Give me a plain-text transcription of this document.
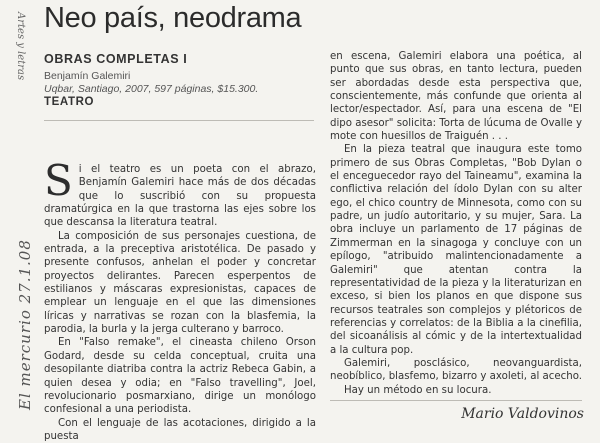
El mercurio 27.1.08
Artes y letras Neo país, neodrama
OBRAS COMPLETAS I
Benjamín Galemiri
Uqbar, Santiago, 2007, 597 páginas, $15.300.
TEATRO

Si el teatro es un poeta con el abrazo, Benjamín Galemiri hace más de dos décadas que lo suscribió con su propuesta dramatúrgica en la que trastorna las ejes sobre los que descansa la literatura teatral.

La composición de sus personajes cuestiona, de entrada, a la preceptiva aristotélica. De pasado y presente confusos, anhelan el poder y concretar proyectos delirantes. Parecen esperpentos de estilianos y máscaras expresionistas, capaces de emplear un lenguaje en el que las dimensiones líricas y narrativas se rozan con la blasfemia, la parodia, la burla y la jerga culterano y barroco.

En "Falso remake", el cineasta chileno Orson Godard, desde su celda conceptual, cruita una desopilante diatriba contra la actriz Rebeca Gabin, a quien desea y odia; en "Falso travelling", Joel, revolucionario posmarxiano, dirige un monólogo confesional a una periodista.

Con el lenguaje de las acotaciones, dirigido a la puesta

en escena, Galemiri elabora una poética, al punto que sus obras, en tanto lectura, pueden ser abordadas desde esta perspectiva que, conscientemente, más confunde que orienta al lector/espectador. Así, para una escena de "El dipo asesor" solicita: Torta de lúcuma de Ovalle y mote con huesillos de Traiguén . . .

En la pieza teatral que inaugura este tomo primero de sus Obras Completas, "Bob Dylan o el enceguecedor rayo del Taineamu", examina la conflictiva relación del ídolo Dylan con su alter ego, el chico country de Minnesota, como con su padre, un judío autoritario, y su mujer, Sara. La obra incluye un parlamento de 17 páginas de Zimmerman en la sinagoga y concluye con un epílogo, "atribuido malintencionadamente a Galemiri" que atentan contra la representatividad de la pieza y la literaturizan en exceso, si bien los planos en que dispone sus recursos teatrales son complejos y plétoricos de referencias y correlatos: de la Biblia a la cinefilia, del sicoanálisis al cómic y de la intertextualidad a la cultura pop.

Galemiri, posclásico, neovanguardista, neobíblico, blasfemo, bizarro y axoleti, al acecho.

Hay un método en su locura.

Mario Valdovinos
